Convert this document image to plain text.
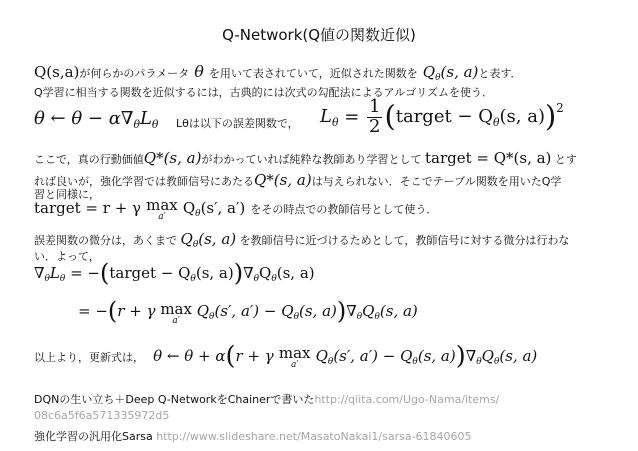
Q-Network(Q値の関数近似)
Q(s,a)が何らかのパラメータ θ を用いて表されていて，近似された関数を $Q_\theta(s$, a)と表す．
Q学習に相当する関数を近似するには，古典的には次式の勾配法によるアルゴリズムを使う．
θ ← $\theta - \alpha\nabla_\theta L_\theta$ Lθは以下の誤差関数で， $L_\theta = \frac{1}{2}$ (target − $Q_\theta(s$, a))$^2$
ここで，真の行動価値Q*(s, a)がわかっていれば純粋な教師あり学習として target = Q*(s, a) とす
れば良いが，強化学習では教師信号にあたるQ*(s, a)は与えられない．そこでテーブル関数を用いたQ学
習と同様に，
target = r + γ max
a′	$Q_\theta(s'$, a′) をその時点での教師信号として使う．
誤差関数の微分は，あくまで $Q_\theta(s$, a) を教師信号に近づけるためとして，教師信号に対する微分は行わな
い．よって，
$\nabla_\theta L_\theta$ = −(target − $Q_\theta(s$, $a))\nabla_\theta Q_\theta(s$, a)
= −(r + γ max
a′
$Q_\theta(s'$, $a') - Q_\theta(s$, $a))\nabla_\theta Q_\theta(s$, a)
以上より，更新式は， θ ← θ + α(r + γ max
a′	$Q_\theta(s'$, $a') - Q_\theta(s$, $a))\nabla_\theta Q_\theta(s$, a)
DQNの生い立ち＋Deep Q-NetworkをChainerで書いたhttp://qiita.com/Ugo-Nama/items/
08c6a5f6a571335972d5
強化学習の汎用化Sarsa http://www.slideshare.net/MasatoNakai1/sarsa-61840605
